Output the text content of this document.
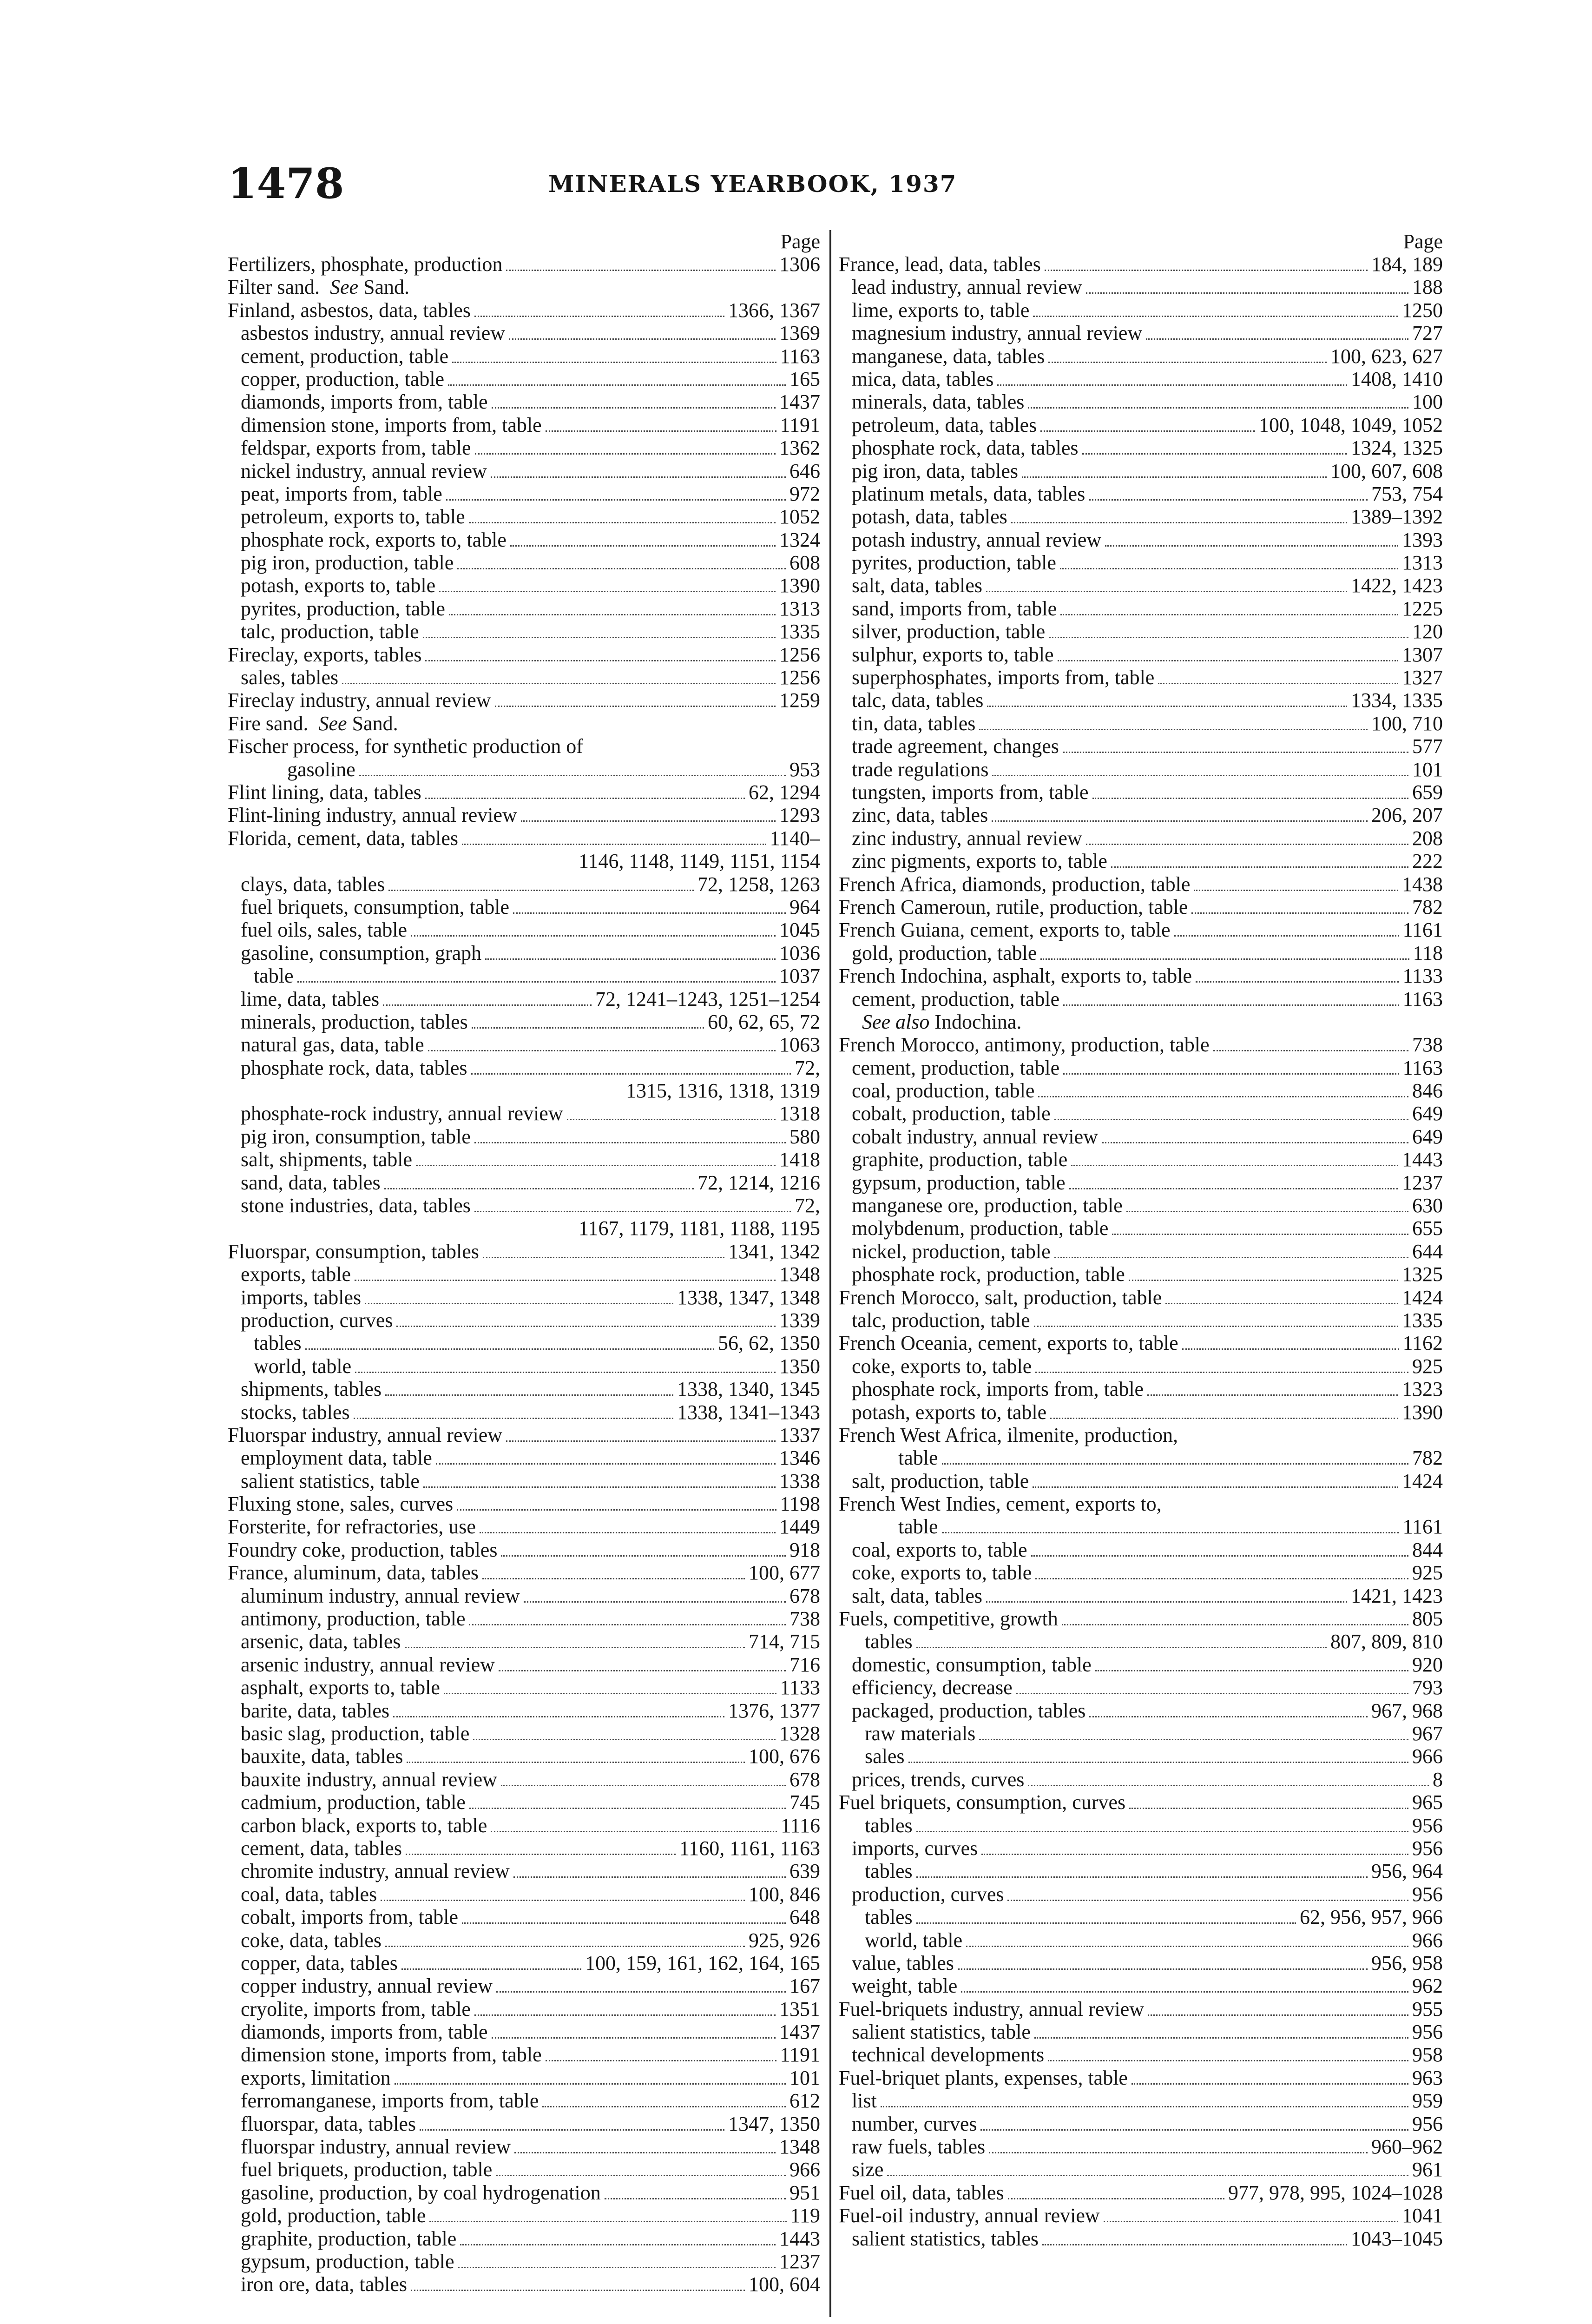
1478	MINERALS YEARBOOK, 1937
Page
Fertilizers, phosphate, production	1306
Filter sand.
See
Sand.
Finland, asbestos, data, tables	1366, 1367
asbestos industry, annual review	1369
cement, production, table	1163
copper, production, table	165
diamonds, imports from, table	1437
dimension stone, imports from, table	1191
feldspar, exports from, table	1362
nickel industry, annual review	646
peat, imports from, table	972
petroleum, exports to, table	1052
phosphate rock, exports to, table	1324
pig iron, production, table	608
potash, exports to, table	1390
pyrites, production, table	1313
talc, production, table	1335
Fireclay, exports, tables	1256
sales, tables	1256
Fireclay industry, annual review	1259
Fire sand.
See
Sand.
Fischer process, for synthetic production of
gasoline	953
Flint lining, data, tables	62, 1294
Flint-lining industry, annual review	1293
Florida, cement, data, tables	1140–
1146, 1148, 1149, 1151, 1154
clays, data, tables	72, 1258, 1263
fuel briquets, consumption, table	964
fuel oils, sales, table	1045
gasoline, consumption, graph	1036
table	1037
lime, data, tables	72, 1241–1243, 1251–1254
minerals, production, tables	60, 62, 65, 72
natural gas, data, table	1063
phosphate rock, data, tables	72,
1315, 1316, 1318, 1319
phosphate-rock industry, annual review	1318
pig iron, consumption, table	580
salt, shipments, table	1418
sand, data, tables	72, 1214, 1216
stone industries, data, tables	72,
1167, 1179, 1181, 1188, 1195
Fluorspar, consumption, tables	1341, 1342
exports, table	1348
imports, tables	1338, 1347, 1348
production, curves	1339
tables	56, 62, 1350
world, table	1350
shipments, tables	1338, 1340, 1345
stocks, tables	1338, 1341–1343
Fluorspar industry, annual review	1337
employment data, table	1346
salient statistics, table	1338
Fluxing stone, sales, curves	1198
Forsterite, for refractories, use	1449
Foundry coke, production, tables	918
France, aluminum, data, tables	100, 677
aluminum industry, annual review	678
antimony, production, table	738
arsenic, data, tables	714, 715
arsenic industry, annual review	716
asphalt, exports to, table	1133
barite, data, tables	1376, 1377
basic slag, production, table	1328
bauxite, data, tables	100, 676
bauxite industry, annual review	678
cadmium, production, table	745
carbon black, exports to, table	1116
cement, data, tables	1160, 1161, 1163
chromite industry, annual review	639
coal, data, tables	100, 846
cobalt, imports from, table	648
coke, data, tables	925, 926
copper, data, tables	100, 159, 161, 162, 164, 165
copper industry, annual review	167
cryolite, imports from, table	1351
diamonds, imports from, table	1437
dimension stone, imports from, table	1191
exports, limitation	101
ferromanganese, imports from, table	612
fluorspar, data, tables	1347, 1350
fluorspar industry, annual review	1348
fuel briquets, production, table	966
gasoline, production, by coal hydrogenation	951
gold, production, table	119
graphite, production, table	1443
gypsum, production, table	1237
iron ore, data, tables	100, 604
Page
France, lead, data, tables	184, 189
lead industry, annual review	188
lime, exports to, table	1250
magnesium industry, annual review	727
manganese, data, tables	100, 623, 627
mica, data, tables	1408, 1410
minerals, data, tables	100
petroleum, data, tables	100, 1048, 1049, 1052
phosphate rock, data, tables	1324, 1325
pig iron, data, tables	100, 607, 608
platinum metals, data, tables	753, 754
potash, data, tables	1389–1392
potash industry, annual review	1393
pyrites, production, table	1313
salt, data, tables	1422, 1423
sand, imports from, table	1225
silver, production, table	120
sulphur, exports to, table	1307
superphosphates, imports from, table	1327
talc, data, tables	1334, 1335
tin, data, tables	100, 710
trade agreement, changes	577
trade regulations	101
tungsten, imports from, table	659
zinc, data, tables	206, 207
zinc industry, annual review	208
zinc pigments, exports to, table	222
French Africa, diamonds, production, table	1438
French Cameroun, rutile, production, table	782
French Guiana, cement, exports to, table	1161
gold, production, table	118
French Indochina, asphalt, exports to, table	1133
cement, production, table	1163

See also
Indochina.
French Morocco, antimony, production, table	738
cement, production, table	1163
coal, production, table	846
cobalt, production, table	649
cobalt industry, annual review	649
graphite, production, table	1443
gypsum, production, table	1237
manganese ore, production, table	630
molybdenum, production, table	655
nickel, production, table	644
phosphate rock, production, table	1325
French Morocco, salt, production, table	1424
talc, production, table	1335
French Oceania, cement, exports to, table	1162
coke, exports to, table	925
phosphate rock, imports from, table	1323
potash, exports to, table	1390
French West Africa, ilmenite, production,
table	782
salt, production, table	1424
French West Indies, cement, exports to,
table	1161
coal, exports to, table	844
coke, exports to, table	925
salt, data, tables	1421, 1423
Fuels, competitive, growth	805
tables	807, 809, 810
domestic, consumption, table	920
efficiency, decrease	793
packaged, production, tables	967, 968
raw materials	967
sales	966
prices, trends, curves	8
Fuel briquets, consumption, curves	965
tables	956
imports, curves	956
tables	956, 964
production, curves	956
tables	62, 956, 957, 966
world, table	966
value, tables	956, 958
weight, table	962
Fuel-briquets industry, annual review	955
salient statistics, table	956
technical developments	958
Fuel-briquet plants, expenses, table	963
list	959
number, curves	956
raw fuels, tables	960–962
size	961
Fuel oil, data, tables	977, 978, 995, 1024–1028
Fuel-oil industry, annual review	1041
salient statistics, tables	1043–1045
